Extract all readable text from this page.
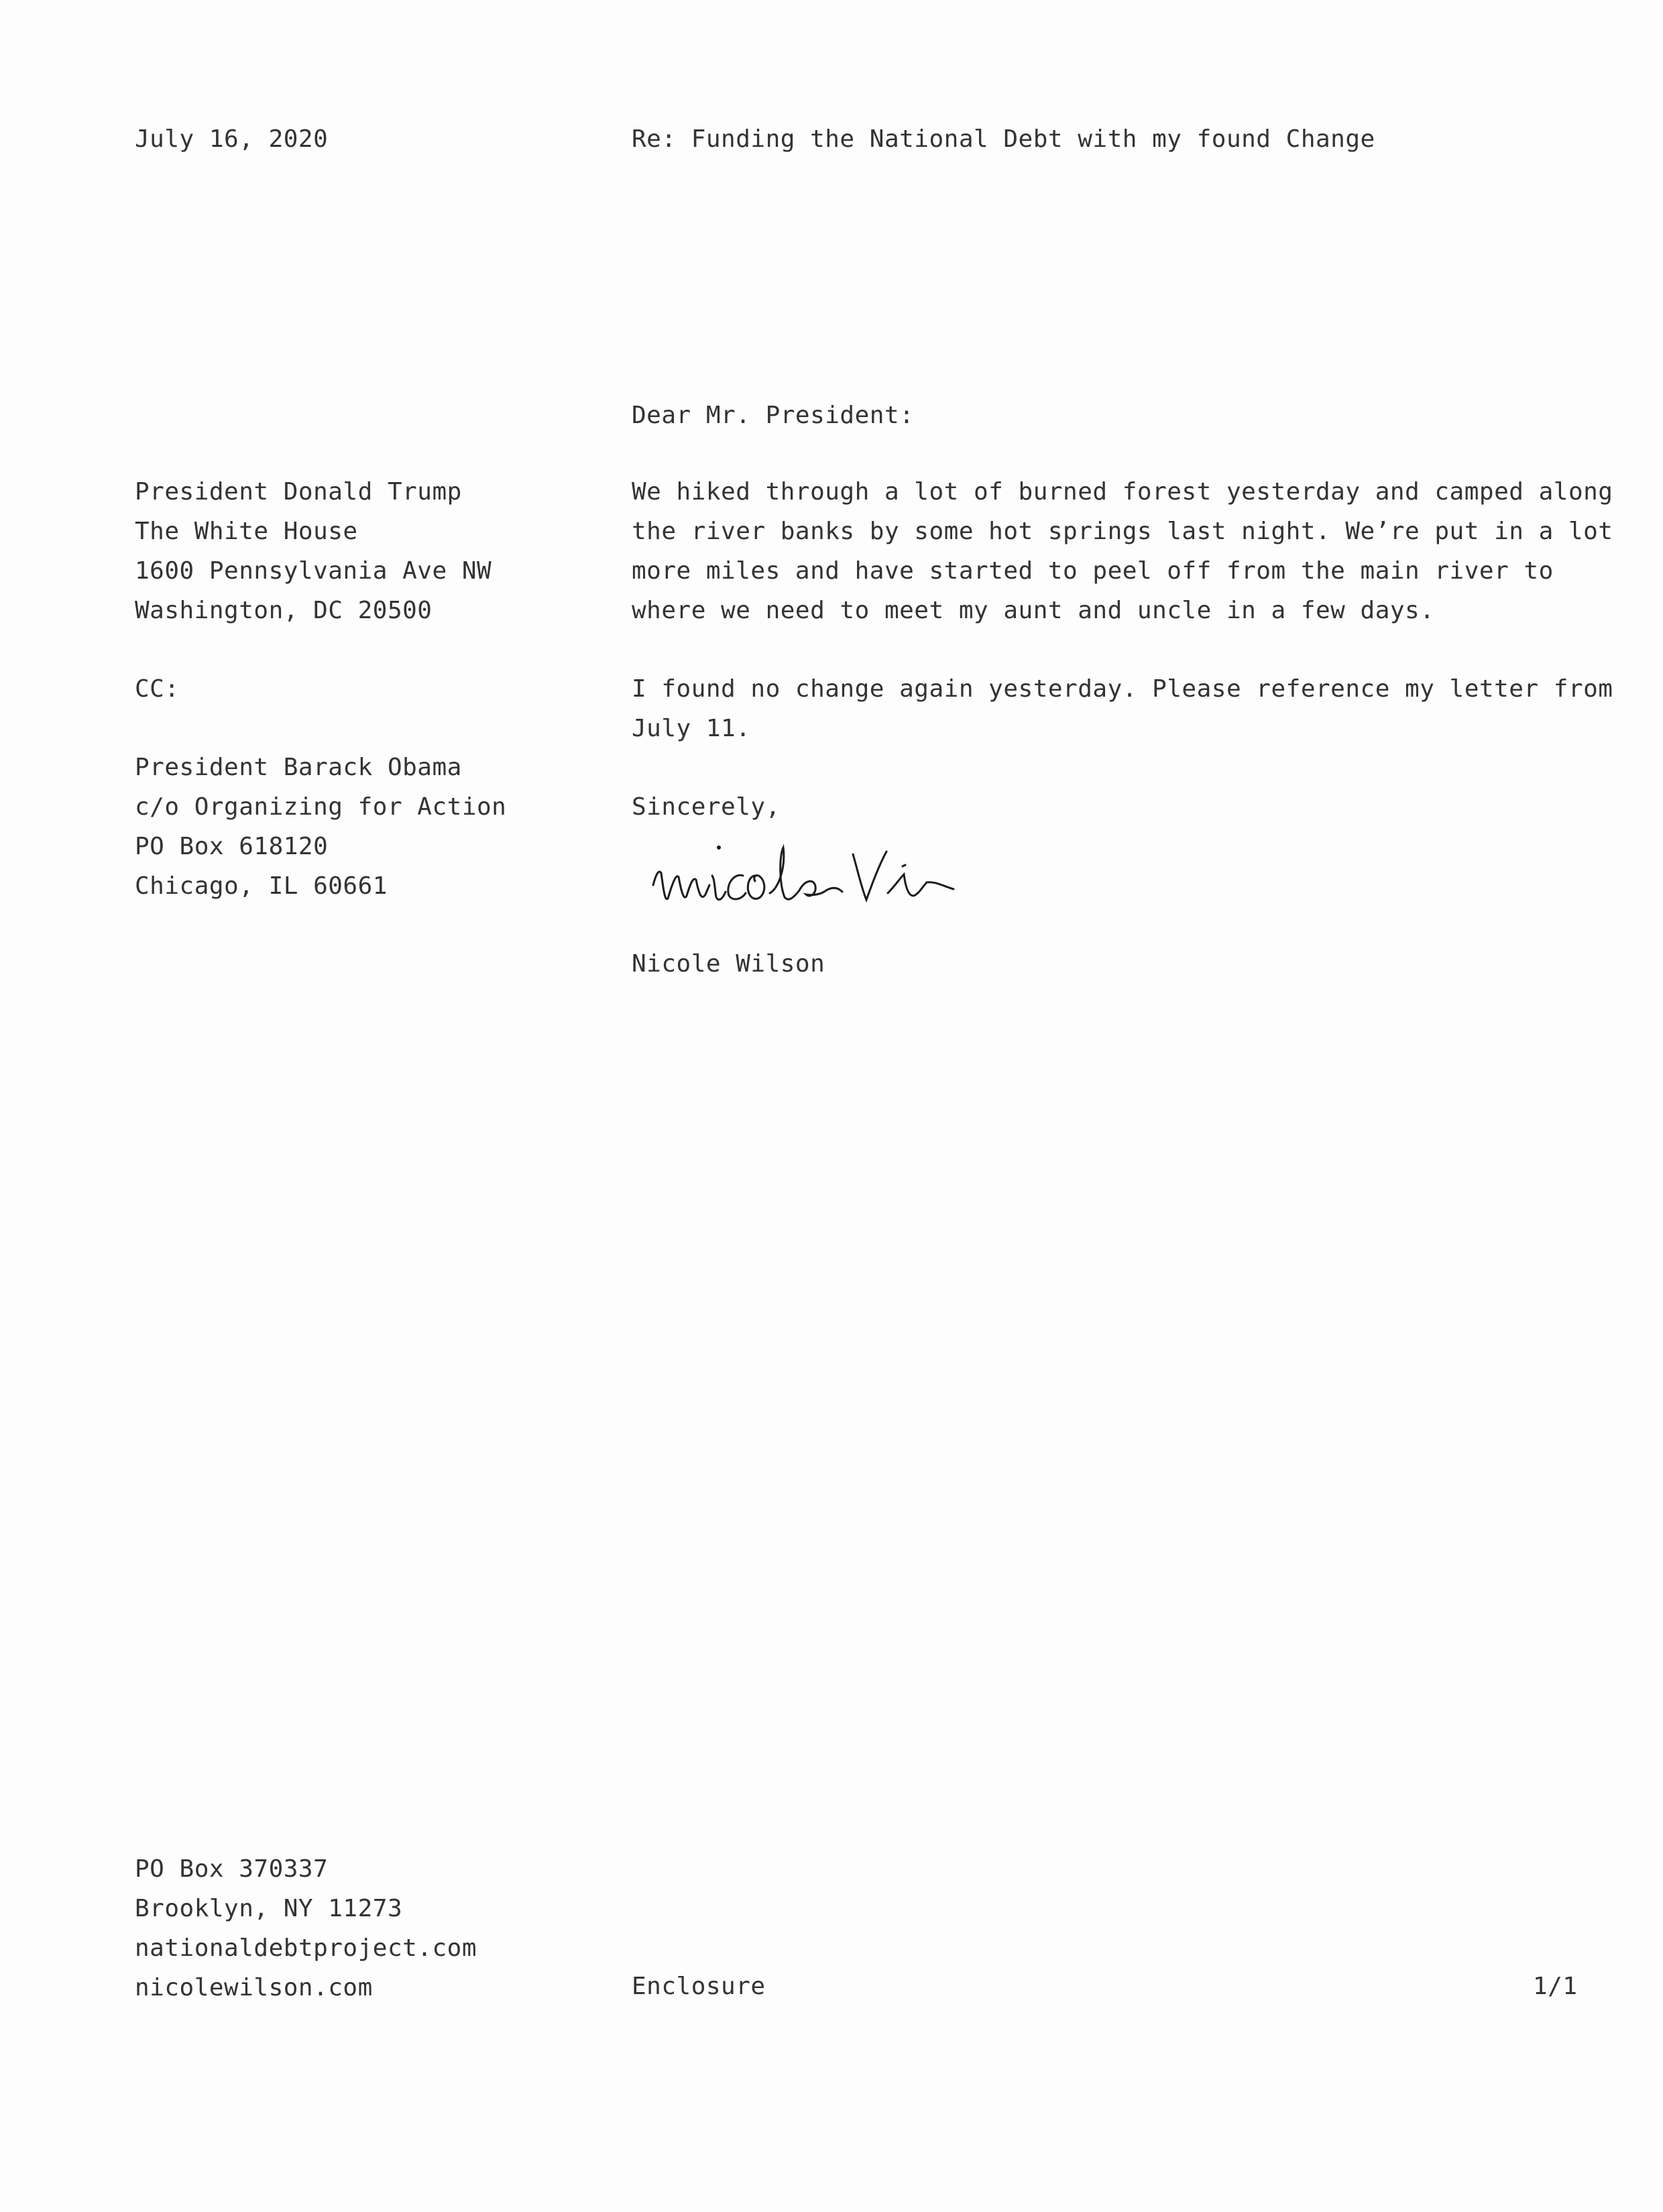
July 16, 2020	Re: Funding the National Debt with my found Change
Dear Mr. President:
President Donald Trump
The White House
1600 Pennsylvania Ave NW
Washington, DC 20500
CC:
President Barack Obama
c/o Organizing for Action
PO Box 618120
Chicago, IL 60661
We hiked through a lot of burned forest yesterday and camped along
the river banks by some hot springs last night. We’re put in a lot
more miles and have started to peel off from the main river to
where we need to meet my aunt and uncle in a few days.
I found no change again yesterday. Please reference my letter from
July 11.
Sincerely,
Nicole Wilson
PO Box 370337
Brooklyn, NY 11273
nationaldebtproject.com
nicolewilson.com	Enclosure	1/1
